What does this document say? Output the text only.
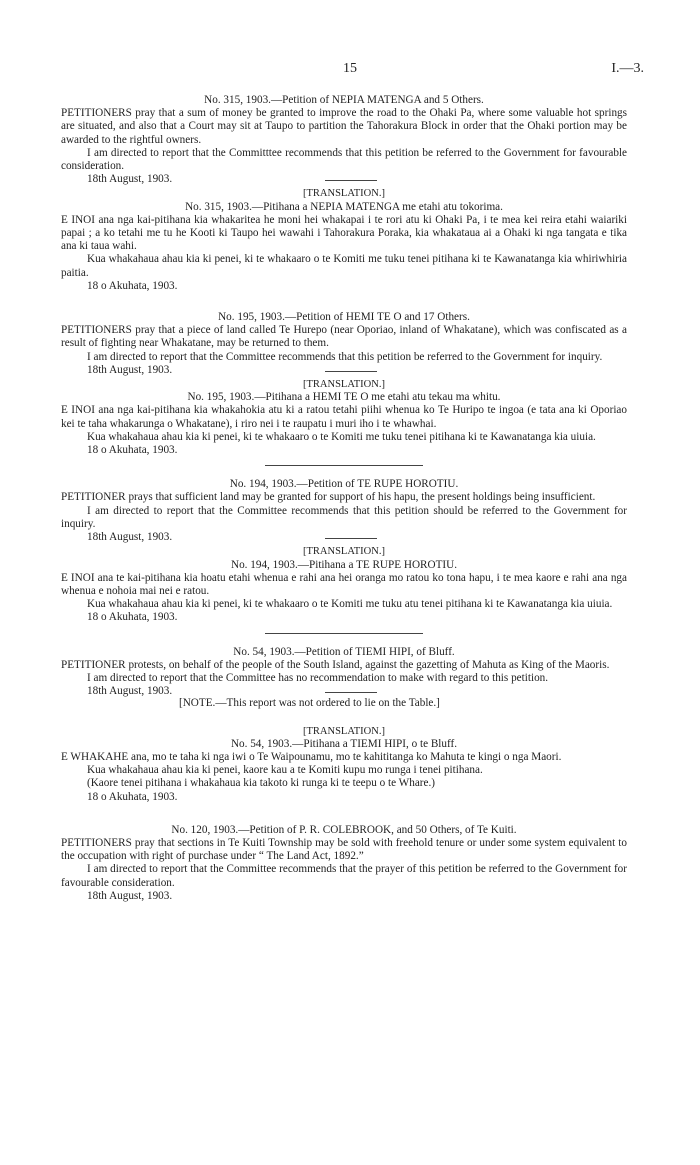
15	I.—3.

No. 315, 1903.—Petition of NEPIA MATENGA and 5 Others.

PETITIONERS pray that a sum of money be granted to improve the road to the Ohaki Pa, where some valuable hot springs are situated, and also that a Court may sit at Taupo to partition the Tahorakura Block in order that the Ohaki portion may be awarded to the rightful owners.

I am directed to report that the Committtee recommends that this petition be referred to the Government for favourable consideration.

18th August, 1903.

[TRANSLATION.]

No. 315, 1903.—Pitihana a NEPIA MATENGA me etahi atu tokorima.

E INOI ana nga kai-pitihana kia whakaritea he moni hei whakapai i te rori atu ki Ohaki Pa, i te mea kei reira etahi waiariki papai ; a ko tetahi me tu he Kooti ki Taupo hei wawahi i Tahorakura Poraka, kia whakataua ai a Ohaki ki nga tangata e tika ana ki taua wahi.

Kua whakahaua ahau kia ki penei, ki te whakaaro o te Komiti me tuku tenei pitihana ki te Kawanatanga kia whiriwhiria paitia.

18 o Akuhata, 1903.

No. 195, 1903.—Petition of HEMI TE O and 17 Others.

PETITIONERS pray that a piece of land called Te Hurepo (near Oporiao, inland of Whakatane), which was confiscated as a result of fighting near Whakatane, may be returned to them.

I am directed to report that the Committee recommends that this petition be referred to the Government for inquiry.

18th August, 1903.

[TRANSLATION.]

No. 195, 1903.—Pitihana a HEMI TE O me etahi atu tekau ma whitu.

E INOI ana nga kai-pitihana kia whakahokia atu ki a ratou tetahi piihi whenua ko Te Huripo te ingoa (e tata ana ki Oporiao kei te taha whakarunga o Whakatane), i riro nei i te raupatu i muri iho i te whawhai.

Kua whakahaua ahau kia ki penei, ki te whakaaro o te Komiti me tuku tenei pitihana ki te Kawanatanga kia uiuia.

18 o Akuhata, 1903.

No. 194, 1903.—Petition of TE RUPE HOROTIU.

PETITIONER prays that sufficient land may be granted for support of his hapu, the present holdings being insufficient.

I am directed to report that the Committee recommends that this petition should be referred to the Government for inquiry.

18th August, 1903.

[TRANSLATION.]

No. 194, 1903.—Pitihana a TE RUPE HOROTIU.

E INOI ana te kai-pitihana kia hoatu etahi whenua e rahi ana hei oranga mo ratou ko tona hapu, i te mea kaore e rahi ana nga whenua e nohoia mai nei e ratou.

Kua whakahaua ahau kia ki penei, ki te whakaaro o te Komiti me tuku atu tenei pitihana ki te Kawanatanga kia uiuia.

18 o Akuhata, 1903.

No. 54, 1903.—Petition of TIEMI HIPI, of Bluff.

PETITIONER protests, on behalf of the people of the South Island, against the gazetting of Mahuta as King of the Maoris.

I am directed to report that the Committee has no recommendation to make with regard to this petition.

18th August, 1903.

[NOTE.—This report was not ordered to lie on the Table.]

[TRANSLATION.]

No. 54, 1903.—Pitihana a TIEMI HIPI, o te Bluff.

E WHAKAHE ana, mo te taha ki nga iwi o Te Waipounamu, mo te kahititanga ko Mahuta te kingi o nga Maori.

Kua whakahaua ahau kia ki penei, kaore kau a te Komiti kupu mo runga i tenei pitihana.

(Kaore tenei pitihana i whakahaua kia takoto ki runga ki te teepu o te Whare.)

18 o Akuhata, 1903.

No. 120, 1903.—Petition of P. R. COLEBROOK, and 50 Others, of Te Kuiti.

PETITIONERS pray that sections in Te Kuiti Township may be sold with freehold tenure or under some system equivalent to the occupation with right of purchase under “ The Land Act, 1892.”

I am directed to report that the Committee recommends that the prayer of this petition be referred to the Government for favourable consideration.

18th August, 1903.
